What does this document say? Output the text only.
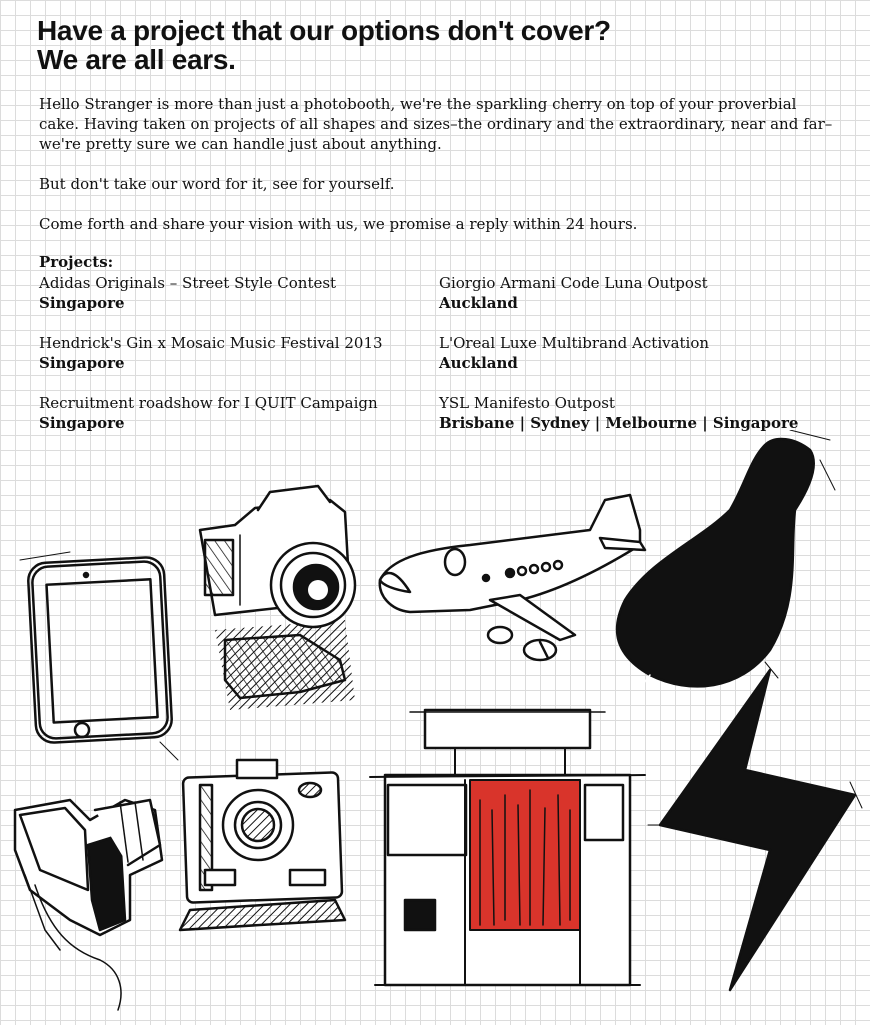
Have a project that our options don't cover?
We are all ears.

Hello Stranger is more than just a photobooth, we're the sparkling cherry on top of your proverbial cake. Having taken on projects of all shapes and sizes–the ordinary and the extraordinary, near and far–we're pretty sure we can handle just about anything.

But don't take our word for it, see for yourself.

Come forth and share your vision with us, we promise a reply within 24 hours.

Projects:
Adidas Originals – Street Style Contest
Singapore
Giorgio Armani Code Luna Outpost
Auckland
Hendrick's Gin x Mosaic Music Festival 2013
Singapore
L'Oreal Luxe Multibrand Activation
Auckland
Recruitment roadshow for I QUIT Campaign
Singapore
YSL Manifesto Outpost
Brisbane | Sydney | Melbourne | Singapore
